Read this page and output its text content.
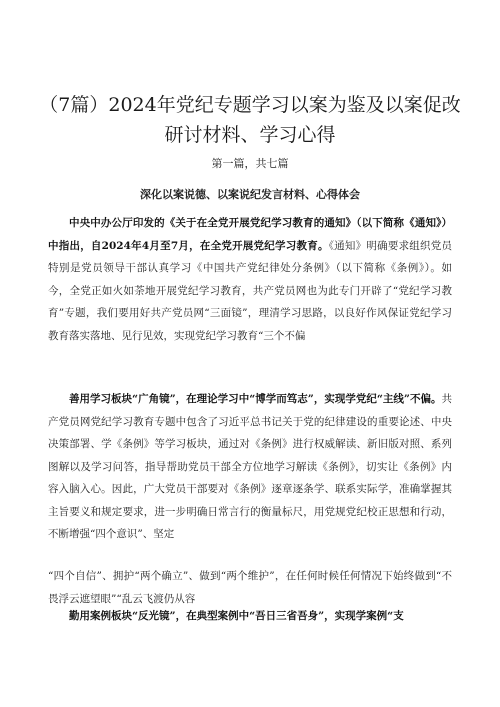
（7篇）2024年党纪专题学习以案为鉴及以案促改
研讨材料、学习心得
第一篇，共七篇
深化以案说德、以案说纪发言材料、心得体会

中央中办公厅印发的《关于在全党开展党纪学习教育的通知》（以下简称《通知》）中指出，自2024年4月至7月，在全党开展党纪学习教育。《通知》明确要求组织党员特别是党员领导干部认真学习《中国共产党纪律处分条例》（以下简称《条例》）。如今，全党正如火如荼地开展党纪学习教育，共产党员网也为此专门开辟了“党纪学习教育”专题，我们要用好共产党员网“三面镜”，理清学习思路，以良好作风保证党纪学习教育落实落地、见行见效，实现党纪学习教育“三个不偏

善用学习板块“广角镜”，在理论学习中“博学而笃志”，实现学党纪“主线”不偏。共产党员网党纪学习教育专题中包含了习近平总书记关于党的纪律建设的重要论述、中央决策部署、学《条例》等学习板块，通过对《条例》进行权威解读、新旧版对照、系列图解以及学习问答，指导帮助党员干部全方位地学习解读《条例》，切实让《条例》内容入脑入心。因此，广大党员干部要对《条例》逐章逐条学、联系实际学，准确掌握其主旨要义和规定要求，进一步明确日常言行的衡量标尺，用党规党纪校正思想和行动，不断增强“四个意识”、坚定

“四个自信”、拥护“两个确立”、做到“两个维护”，在任何时候任何情况下始终做到“不畏浮云遮望眼”“乱云飞渡仍从容

勤用案例板块“反光镜”，在典型案例中“吾日三省吾身”，实现学案例“支
